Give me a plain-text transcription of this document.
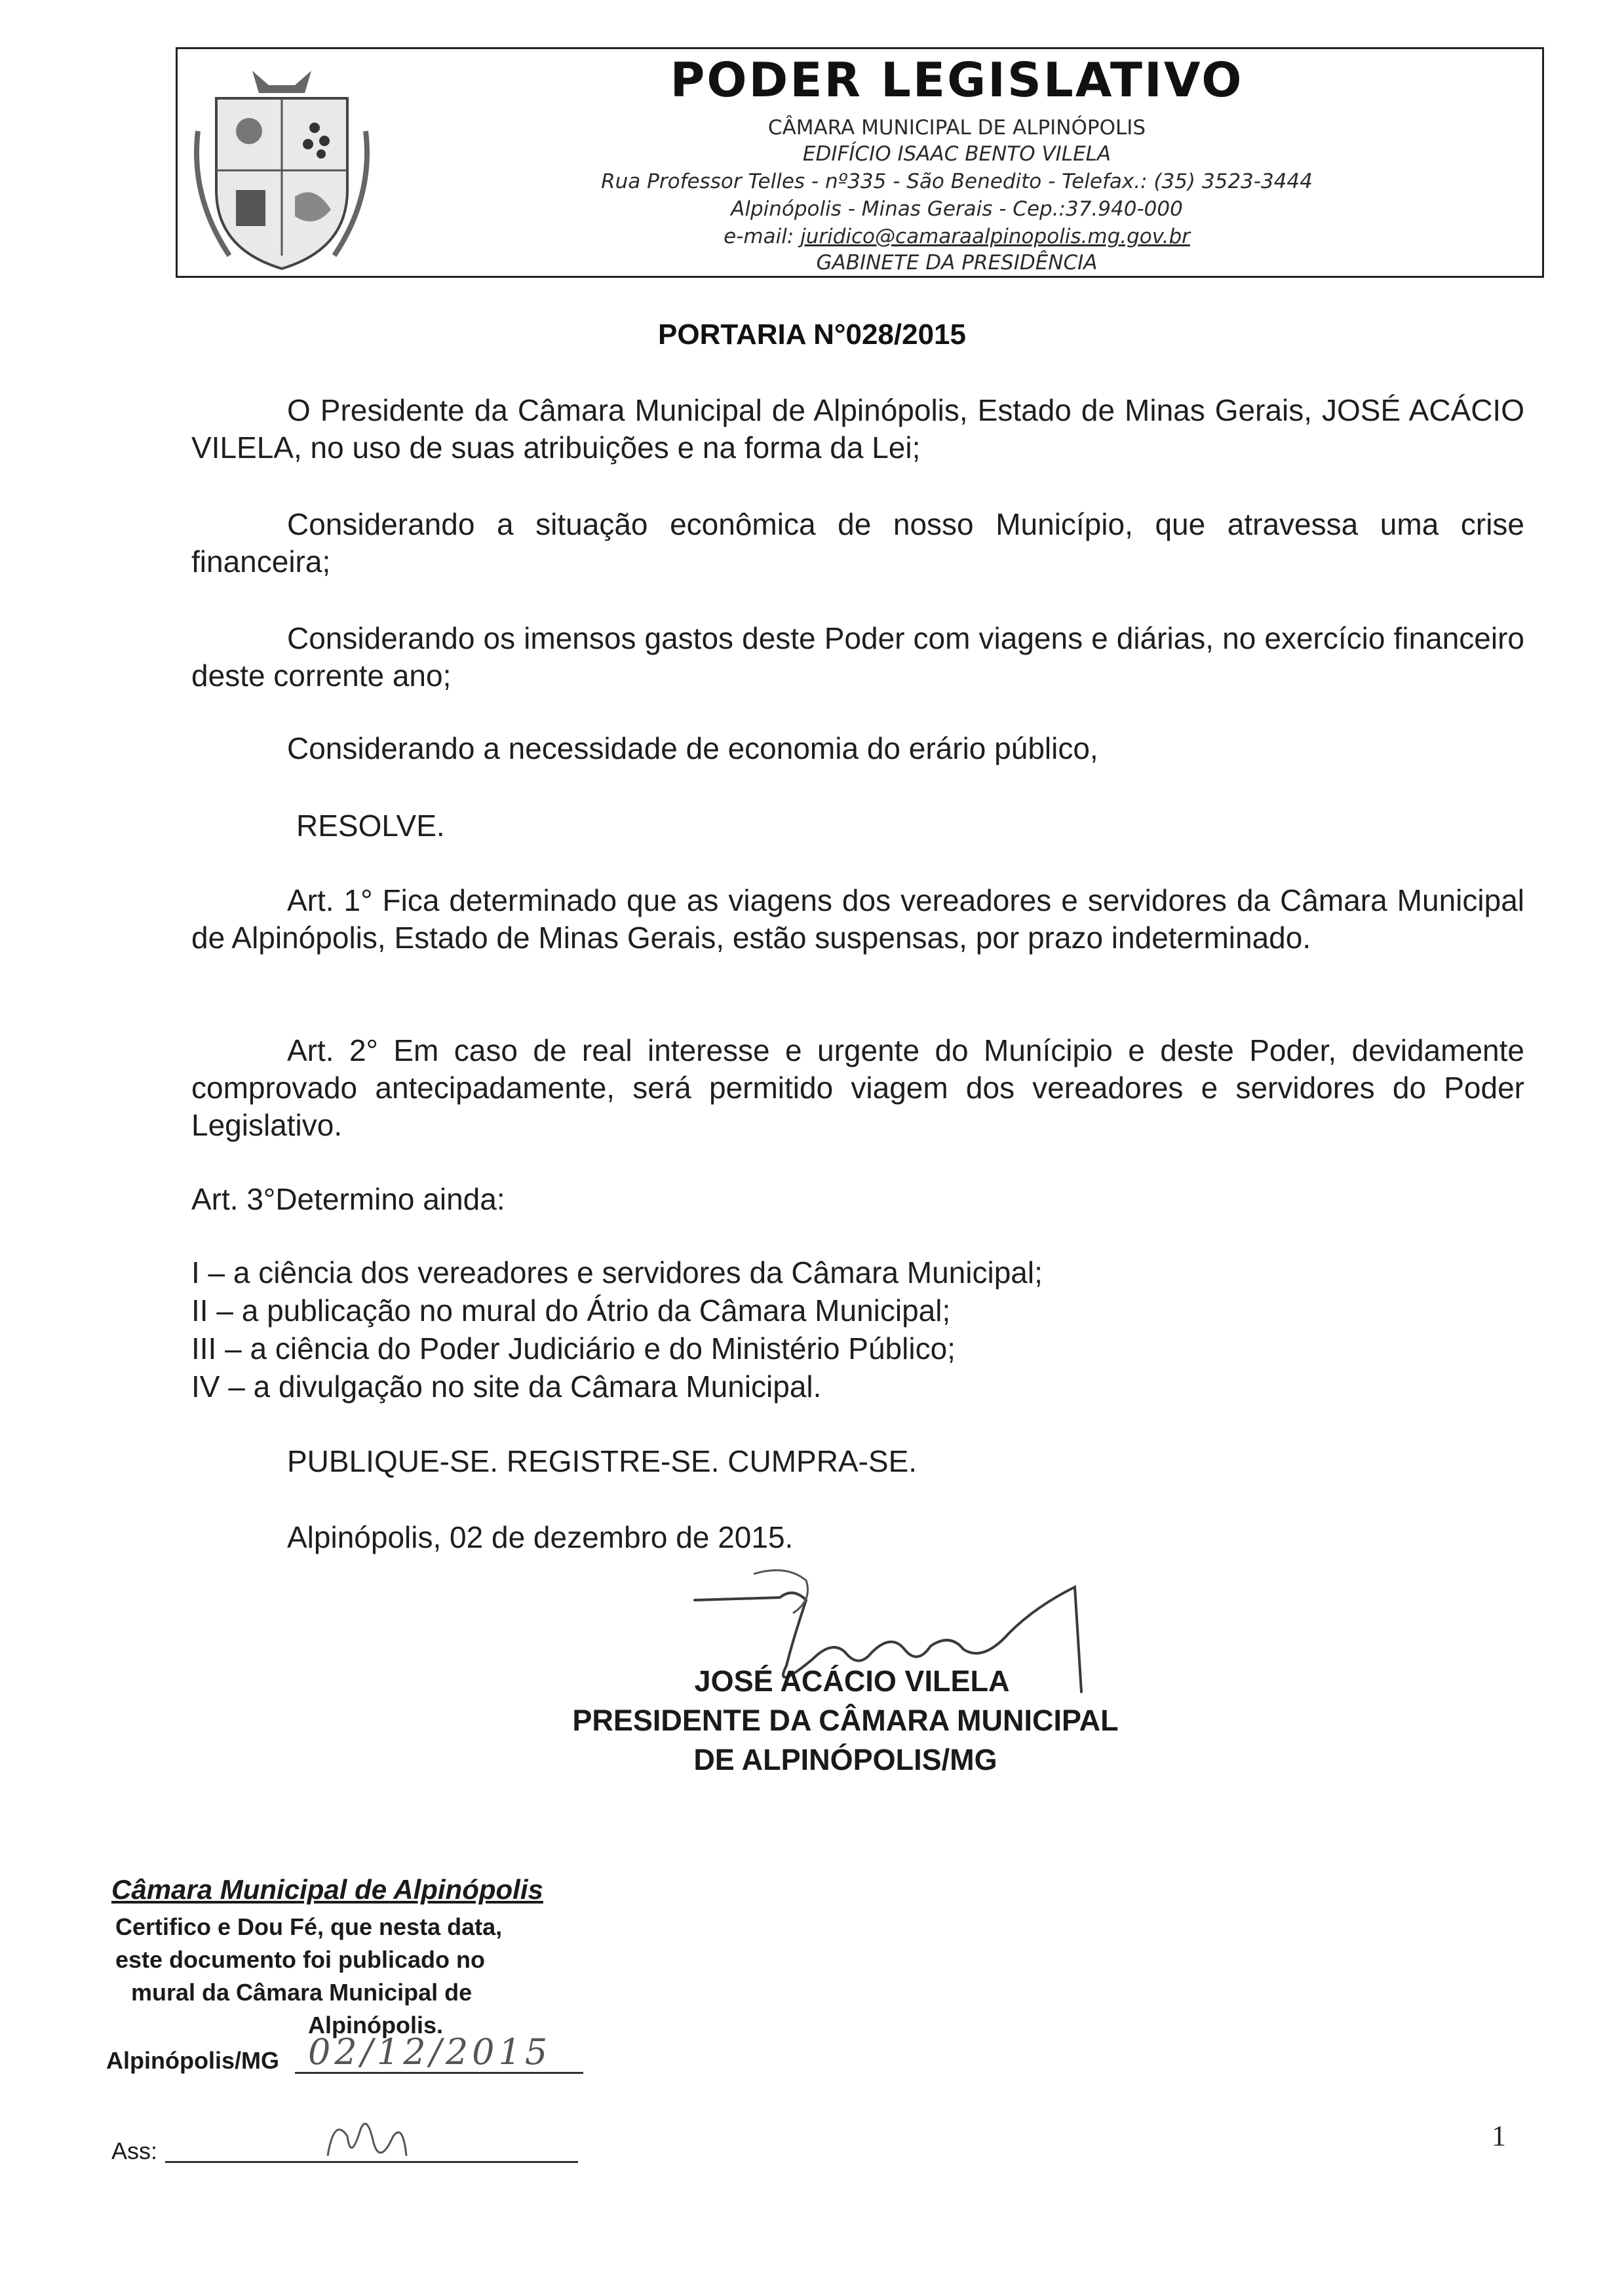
PODER LEGISLATIVO
CÂMARA MUNICIPAL DE ALPINÓPOLIS
EDIFÍCIO ISAAC BENTO VILELA
Rua Professor Telles - nº335 - São Benedito - Telefax.: (35) 3523-3444
Alpinópolis - Minas Gerais - Cep.:37.940-000
e-mail: juridico@camaraalpinopolis.mg.gov.br
GABINETE DA PRESIDÊNCIA
PORTARIA N°028/2015
O Presidente da Câmara Municipal de Alpinópolis, Estado de Minas Gerais, JOSÉ ACÁCIO VILELA, no uso de suas atribuições e na forma da Lei;
Considerando a situação econômica de nosso Município, que atravessa uma crise financeira;
Considerando os imensos gastos deste Poder com viagens e diárias, no exercício financeiro deste corrente ano;
Considerando a necessidade de economia do erário público,
RESOLVE.
Art. 1° Fica determinado que as viagens dos vereadores e servidores da Câmara Municipal de Alpinópolis, Estado de Minas Gerais, estão suspensas, por prazo indeterminado.
Art. 2° Em caso de real interesse e urgente do Munícipio e deste Poder, devidamente comprovado antecipadamente, será permitido viagem dos vereadores e servidores do Poder Legislativo.
Art. 3°Determino ainda:
I – a ciência dos vereadores e servidores da Câmara Municipal;
II – a publicação no mural do Átrio da Câmara Municipal;
III – a ciência do Poder Judiciário e do Ministério Público;
IV – a divulgação no site da Câmara Municipal.
PUBLIQUE-SE. REGISTRE-SE. CUMPRA-SE.
Alpinópolis, 02 de dezembro de 2015.
JOSÉ ACÁCIO VILELA
PRESIDENTE DA CÂMARA MUNICIPAL
DE ALPINÓPOLIS/MG
Câmara Municipal de Alpinópolis
Certifico e Dou Fé, que nesta data,
este documento foi publicado no
mural da Câmara Municipal de
Alpinópolis.
Alpinópolis/MG 02/12/2015
Ass:	1
